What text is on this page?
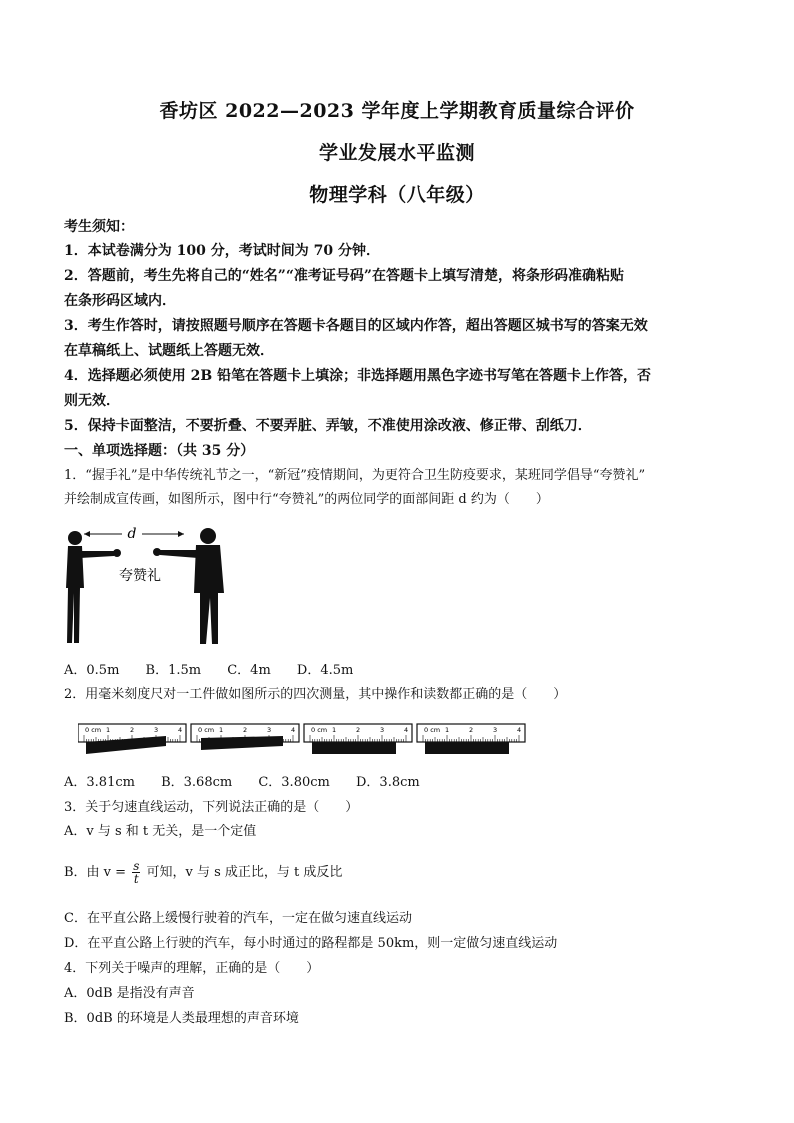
香坊区 2022—2023 学年度上学期教育质量综合评价
学业发展水平监测
物理学科（八年级）
考生须知：
1．本试卷满分为 100 分，考试时间为 70 分钟．
2．答题前，考生先将自己的“姓名”“准考证号码”在答题卡上填写清楚，将条形码准确粘贴
在条形码区域内．
3．考生作答时，请按照题号顺序在答题卡各题目的区域内作答，超出答题区城书写的答案无效
在草稿纸上、试题纸上答题无效．
4．选择题必须使用 2B 铅笔在答题卡上填涂；非选择题用黑色字迹书写笔在答题卡上作答，否
则无效．
5．保持卡面整洁，不要折叠、不要弄脏、弄皱，不准使用涂改液、修正带、刮纸刀．
一、单项选择题：（共 35 分）
1．“握手礼”是中华传统礼节之一，“新冠”疫情期间，为更符合卫生防疫要求，某班同学倡导“夸赞礼”
并绘制成宣传画，如图所示，图中行“夸赞礼”的两位同学的面部间距 d 约为（　　）
d
夸赞礼
A．0.5m B．1.5m C．4m D．4.5m
2．用毫米刻度尺对一工件做如图所示的四次测量，其中操作和读数都正确的是（　　）
0 cm 1	2	3	4 0 cm 1	2	3	4 0 cm 1	2	3	4 0 cm 1	2	3	4
A．3.81cm B．3.68cm C．3.80cm D．3.8cm
3．关于匀速直线运动，下列说法正确的是（　　）
A．v 与 s 和 t 无关，是一个定值
B．由 $v = \frac{s}{t}$ 可知，v 与 s 成正比，与 t 成反比
C．在平直公路上缓慢行驶着的汽车，一定在做匀速直线运动
D．在平直公路上行驶的汽车，每小时通过的路程都是 50km，则一定做匀速直线运动
4．下列关于噪声的理解，正确的是（　　）
A．0dB 是指没有声音
B．0dB 的环境是人类最理想的声音环境
